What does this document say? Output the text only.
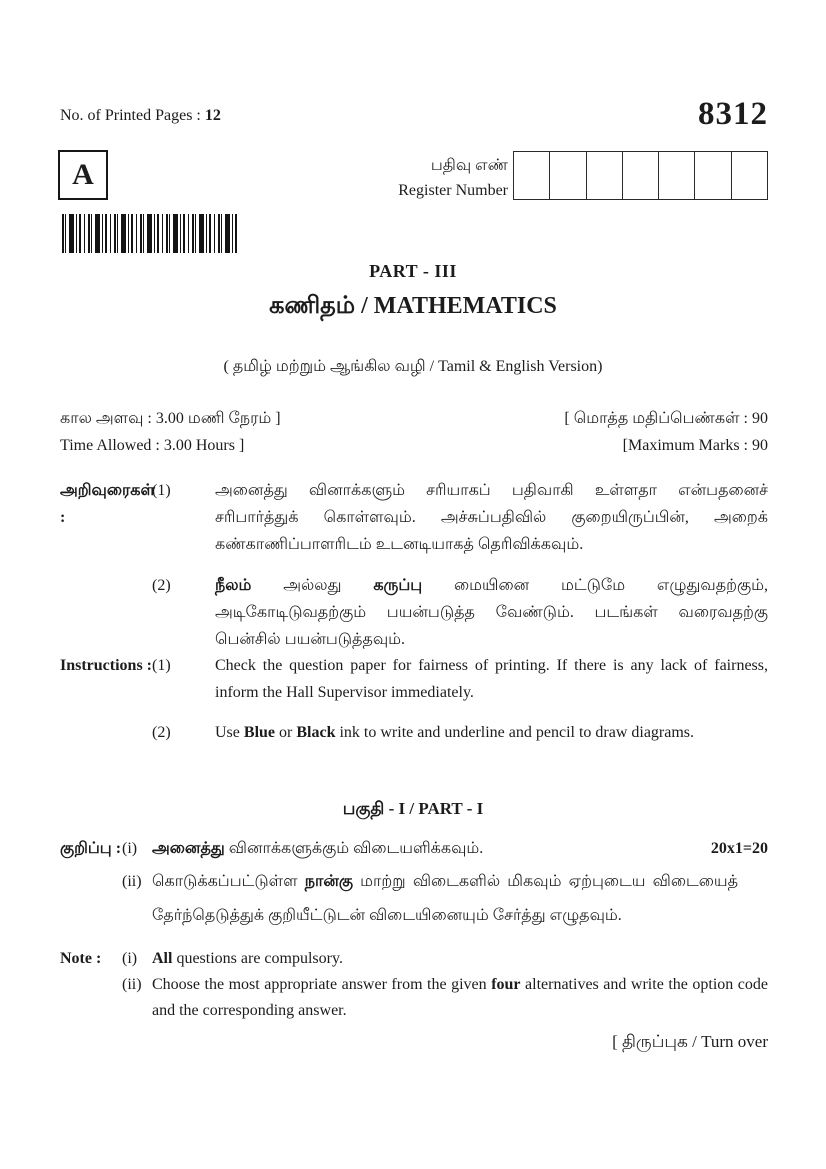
No. of Printed Pages : 12	8312
A	பதிவு எண்
Register Number
PART - III
கணிதம் / MATHEMATICS
( தமிழ் மற்றும் ஆங்கில வழி / Tamil & English Version)
கால அளவு : 3.00 மணி நேரம் ]	[ மொத்த மதிப்பெண்கள் : 90
Time Allowed : 3.00 Hours ]	[Maximum Marks : 90
அறிவுரைகள் :
(1)	அனைத்து வினாக்களும் சரியாகப் பதிவாகி உள்ளதா என்பதனைச் சரிபார்த்துக் கொள்ளவும். அச்சுப்பதிவில் குறையிருப்பின், அறைக் கண்காணிப்பாளரிடம் உடனடியாகத் தெரிவிக்கவும்.
(2)	நீலம் அல்லது கருப்பு மையினை மட்டுமே எழுதுவதற்கும், அடிகோடிடுவதற்கும் பயன்படுத்த வேண்டும். படங்கள் வரைவதற்கு பென்சில் பயன்படுத்தவும்.
Instructions : (1)	Check the question paper for fairness of printing. If there is any lack of fairness, inform the Hall Supervisor immediately.
(2)	Use Blue or Black ink to write and underline and pencil to draw diagrams.
பகுதி - I / PART - I
குறிப்பு : (i) அனைத்து வினாக்களுக்கும் விடையளிக்கவும்.	20x1=20
(ii) கொடுக்கப்பட்டுள்ள நான்கு மாற்று விடைகளில் மிகவும் ஏற்புடைய விடையைத் தேர்ந்தெடுத்துக் குறியீட்டுடன் விடையினையும் சேர்த்து எழுதவும்.
Note :	(i) All questions are compulsory.
(ii) Choose the most appropriate answer from the given four alternatives and write the option code and the corresponding answer.
[ திருப்புக / Turn over
